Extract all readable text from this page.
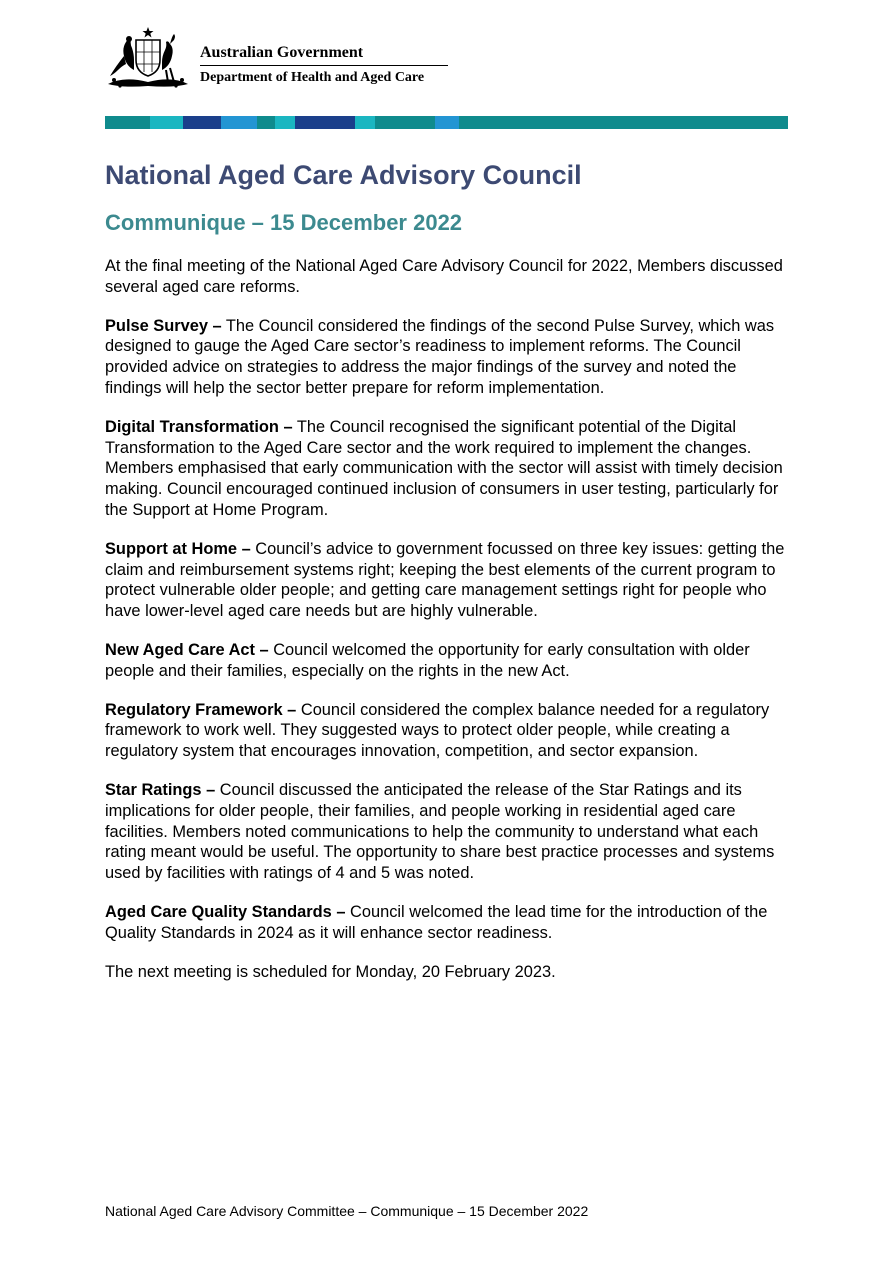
Australian Government
Department of Health and Aged Care
National Aged Care Advisory Council
Communique – 15 December 2022

At the final meeting of the National Aged Care Advisory Council for 2022, Members discussed several aged care reforms.

Pulse Survey – The Council considered the findings of the second Pulse Survey, which was designed to gauge the Aged Care sector’s readiness to implement reforms. The Council provided advice on strategies to address the major findings of the survey and noted the findings will help the sector better prepare for reform implementation.

Digital Transformation – The Council recognised the significant potential of the Digital Transformation to the Aged Care sector and the work required to implement the changes. Members emphasised that early communication with the sector will assist with timely decision making. Council encouraged continued inclusion of consumers in user testing, particularly for the Support at Home Program.

Support at Home – Council’s advice to government focussed on three key issues: getting the claim and reimbursement systems right; keeping the best elements of the current program to protect vulnerable older people; and getting care management settings right for people who have lower-level aged care needs but are highly vulnerable.

New Aged Care Act – Council welcomed the opportunity for early consultation with older people and their families, especially on the rights in the new Act.

Regulatory Framework – Council considered the complex balance needed for a regulatory framework to work well. They suggested ways to protect older people, while creating a regulatory system that encourages innovation, competition, and sector expansion.

Star Ratings – Council discussed the anticipated the release of the Star Ratings and its implications for older people, their families, and people working in residential aged care facilities. Members noted communications to help the community to understand what each rating meant would be useful. The opportunity to share best practice processes and systems used by facilities with ratings of 4 and 5 was noted.

Aged Care Quality Standards – Council welcomed the lead time for the introduction of the Quality Standards in 2024 as it will enhance sector readiness.

The next meeting is scheduled for Monday, 20 February 2023.

National Aged Care Advisory Committee – Communique – 15 December 2022
